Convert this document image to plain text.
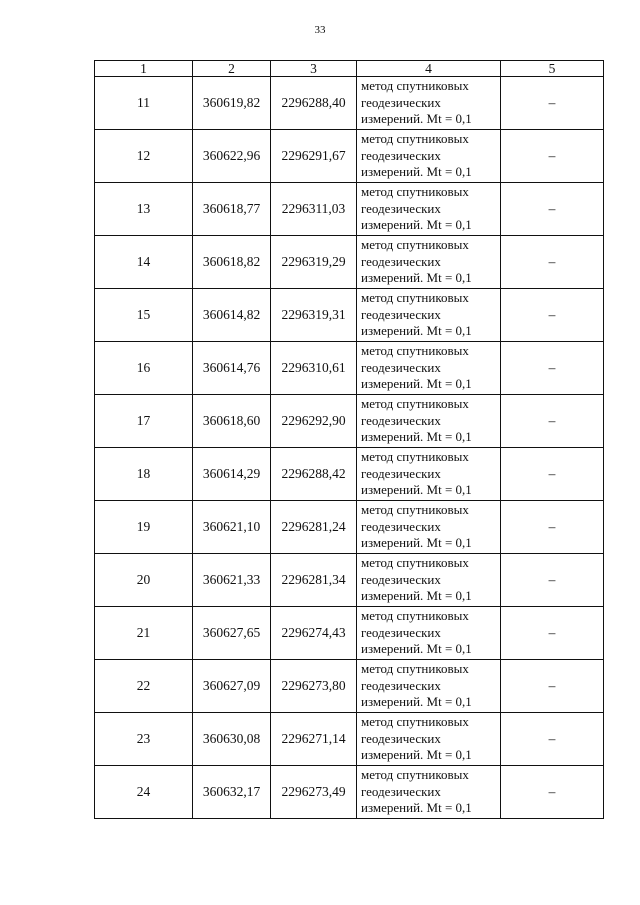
33
1	2	3	4	5
11	360619,82	2296288,40	метод спутниковых
геодезических
измерений. Mt = 0,1	–
12	360622,96	2296291,67	метод спутниковых
геодезических
измерений. Mt = 0,1	–
13	360618,77	2296311,03	метод спутниковых
геодезических
измерений. Mt = 0,1	–
14	360618,82	2296319,29	метод спутниковых
геодезических
измерений. Mt = 0,1	–
15	360614,82	2296319,31	метод спутниковых
геодезических
измерений. Mt = 0,1	–
16	360614,76	2296310,61	метод спутниковых
геодезических
измерений. Mt = 0,1	–
17	360618,60	2296292,90	метод спутниковых
геодезических
измерений. Mt = 0,1	–
18	360614,29	2296288,42	метод спутниковых
геодезических
измерений. Mt = 0,1	–
19	360621,10	2296281,24	метод спутниковых
геодезических
измерений. Mt = 0,1	–
20	360621,33	2296281,34	метод спутниковых
геодезических
измерений. Mt = 0,1	–
21	360627,65	2296274,43	метод спутниковых
геодезических
измерений. Mt = 0,1	–
22	360627,09	2296273,80	метод спутниковых
геодезических
измерений. Mt = 0,1	–
23	360630,08	2296271,14	метод спутниковых
геодезических
измерений. Mt = 0,1	–
24	360632,17	2296273,49	метод спутниковых
геодезических
измерений. Mt = 0,1	–
